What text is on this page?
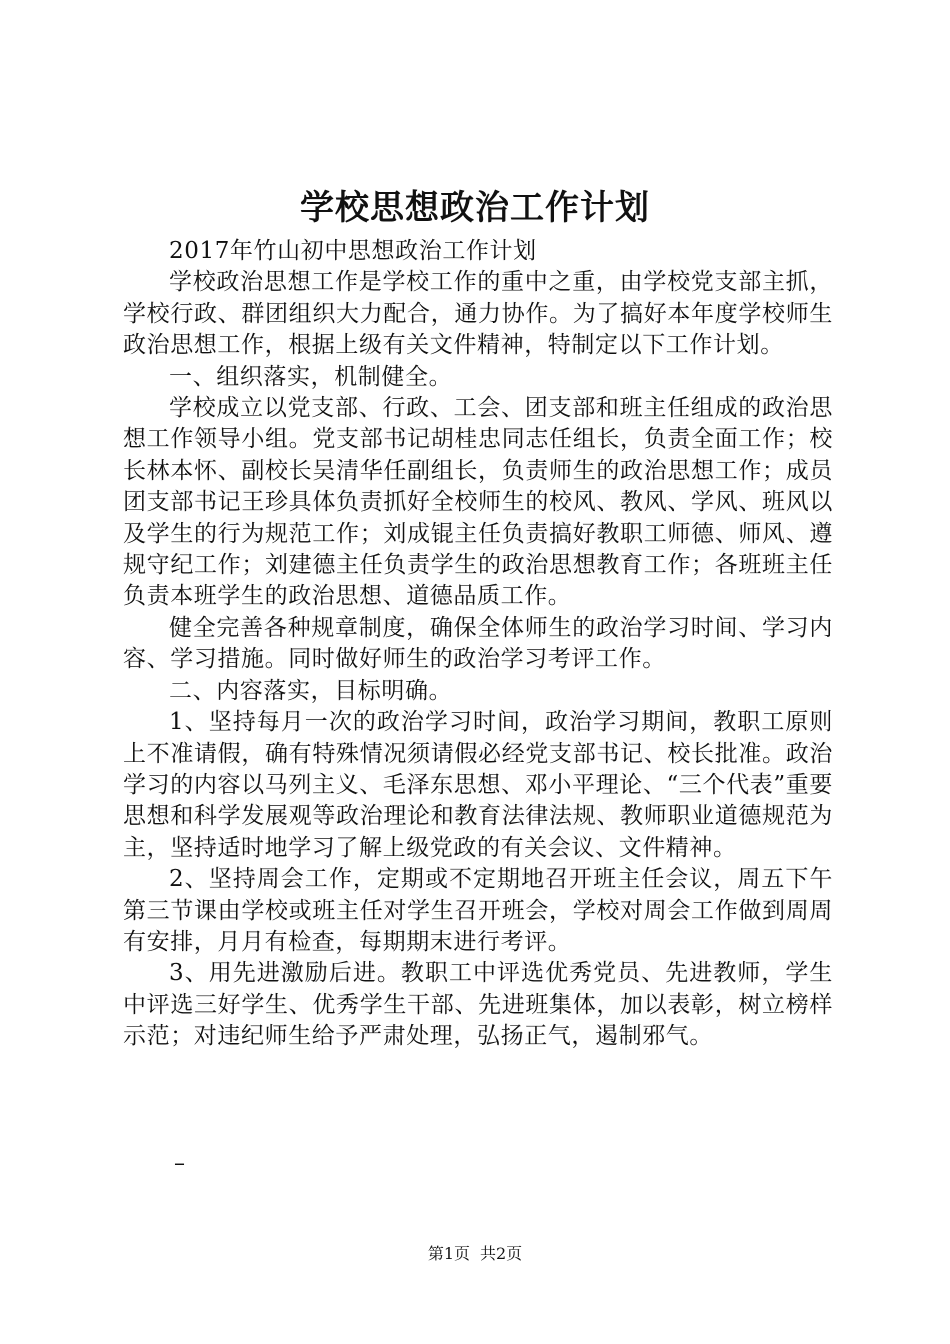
学校思想政治工作计划

2017年竹山初中思想政治工作计划

学校政治思想工作是学校工作的重中之重，由学校党支部主抓，学校行政、群团组织大力配合，通力协作。为了搞好本年度学校师生政治思想工作，根据上级有关文件精神，特制定以下工作计划。

一、组织落实，机制健全。

学校成立以党支部、行政、工会、团支部和班主任组成的政治思想工作领导小组。党支部书记胡桂忠同志任组长，负责全面工作；校长林本怀、副校长吴清华任副组长，负责师生的政治思想工作；成员团支部书记王珍具体负责抓好全校师生的校风、教风、学风、班风以及学生的行为规范工作；刘成锟主任负责搞好教职工师德、师风、遵规守纪工作；刘建德主任负责学生的政治思想教育工作；各班班主任负责本班学生的政治思想、道德品质工作。

健全完善各种规章制度，确保全体师生的政治学习时间、学习内容、学习措施。同时做好师生的政治学习考评工作。

二、内容落实，目标明确。

1、坚持每月一次的政治学习时间，政治学习期间，教职工原则上不准请假，确有特殊情况须请假必经党支部书记、校长批准。政治学习的内容以马列主义、毛泽东思想、邓小平理论、“三个代表”重要思想和科学发展观等政治理论和教育法律法规、教师职业道德规范为主，坚持适时地学习了解上级党政的有关会议、文件精神。

2、坚持周会工作，定期或不定期地召开班主任会议，周五下午第三节课由学校或班主任对学生召开班会，学校对周会工作做到周周有安排，月月有检查，每期期末进行考评。

3、用先进激励后进。教职工中评选优秀党员、先进教师，学生中评选三好学生、优秀学生干部、先进班集体，加以表彰，树立榜样示范；对违纪师生给予严肃处理，弘扬正气，遏制邪气。

–
第1页 共2页
